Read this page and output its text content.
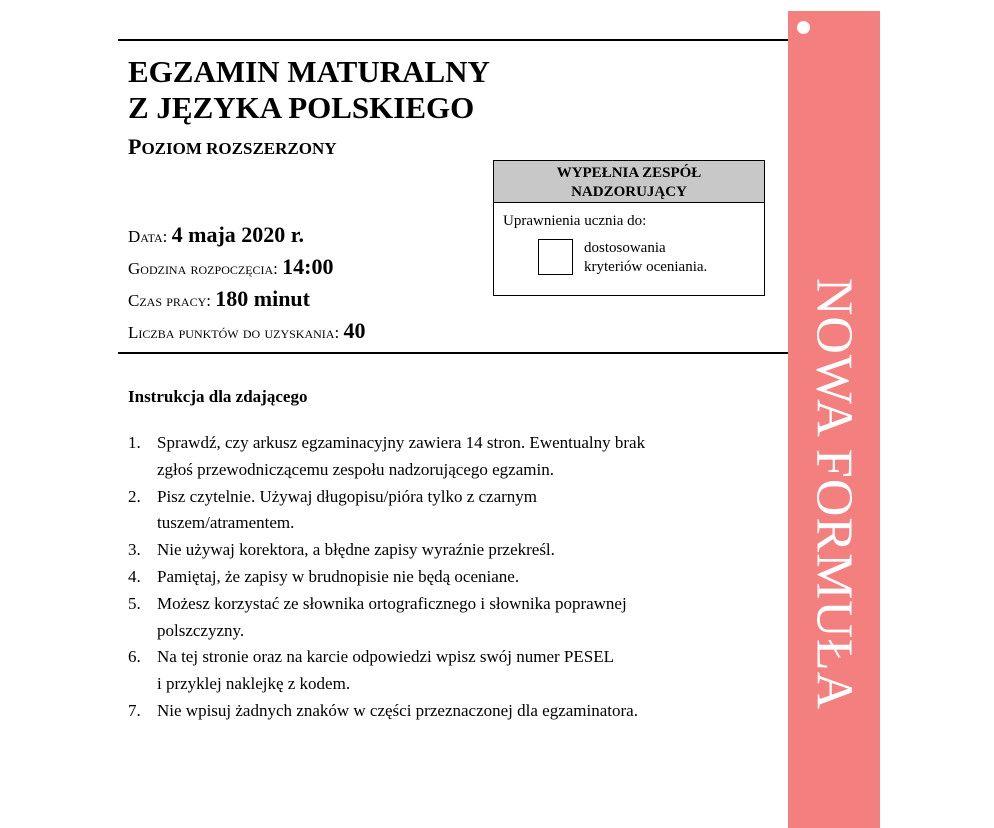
EGZAMIN MATURALNY
Z JĘZYKA POLSKIEGO
POZIOM ROZSZERZONY
Data: 4 maja 2020 r.
Godzina rozpoczęcia: 14:00
Czas pracy: 180 minut
Liczba punktów do uzyskania: 40
WYPEŁNIA ZESPÓŁ
NADZORUJĄCY
Uprawnienia ucznia do:
dostosowania
kryteriów oceniania.
NOWA FORMUŁA
Instrukcja dla zdającego
1. Sprawdź, czy arkusz egzaminacyjny zawiera 14 stron. Ewentualny brak
zgłoś przewodniczącemu zespołu nadzorującego egzamin.
2. Pisz czytelnie. Używaj długopisu/pióra tylko z czarnym
tuszem/atramentem.
3. Nie używaj korektora, a błędne zapisy wyraźnie przekreśl.
4. Pamiętaj, że zapisy w brudnopisie nie będą oceniane.
5. Możesz korzystać ze słownika ortograficznego i słownika poprawnej
polszczyzny.
6. Na tej stronie oraz na karcie odpowiedzi wpisz swój numer PESEL
i przyklej naklejkę z kodem.
7. Nie wpisuj żadnych znaków w części przeznaczonej dla egzaminatora.
